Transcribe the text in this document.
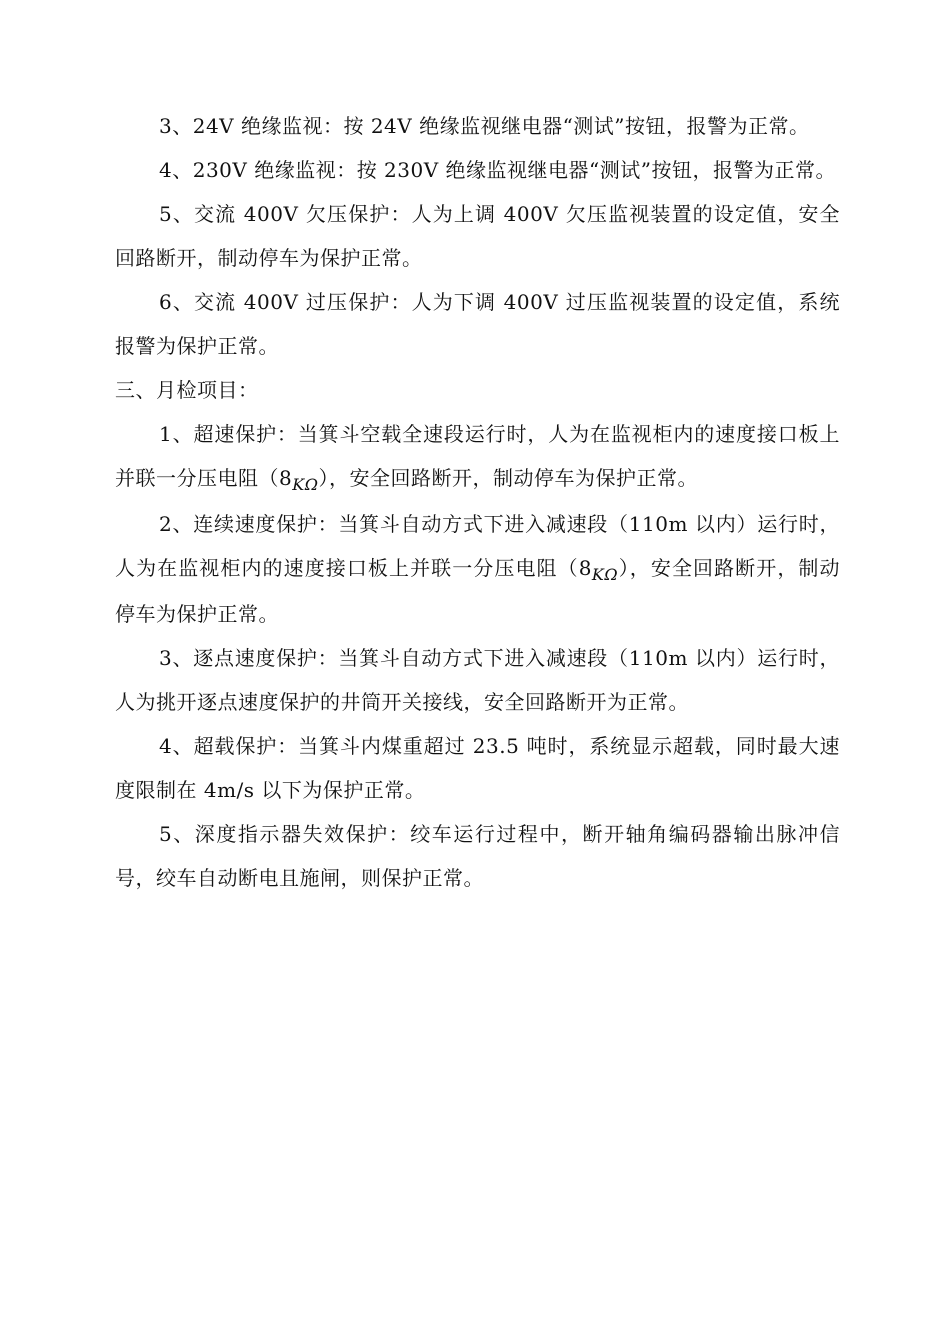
3、24V 绝缘监视：按 24V 绝缘监视继电器“测试”按钮，报警为正常。

4、230V 绝缘监视：按 230V 绝缘监视继电器“测试”按钮，报警为正常。

5、交流 400V 欠压保护：人为上调 400V 欠压监视装置的设定值，安全回路断开，制动停车为保护正常。

6、交流 400V 过压保护：人为下调 400V 过压监视装置的设定值，系统报警为保护正常。

三、月检项目：

1、超速保护：当箕斗空载全速段运行时，人为在监视柜内的速度接口板上并联一分压电阻$(8_{K\Omega})$，安全回路断开，制动停车为保护正常。

2、连续速度保护：当箕斗自动方式下进入减速段（110m 以内）运行时，人为在监视柜内的速度接口板上并联一分压电阻$(8_{K\Omega})$，安全回路断开，制动停车为保护正常。

3、逐点速度保护：当箕斗自动方式下进入减速段（110m 以内）运行时，人为挑开逐点速度保护的井筒开关接线，安全回路断开为正常。

4、超载保护：当箕斗内煤重超过 23.5 吨时，系统显示超载，同时最大速度限制在 4m/s 以下为保护正常。

5、深度指示器失效保护：绞车运行过程中，断开轴角编码器输出脉冲信号，绞车自动断电且施闸，则保护正常。
